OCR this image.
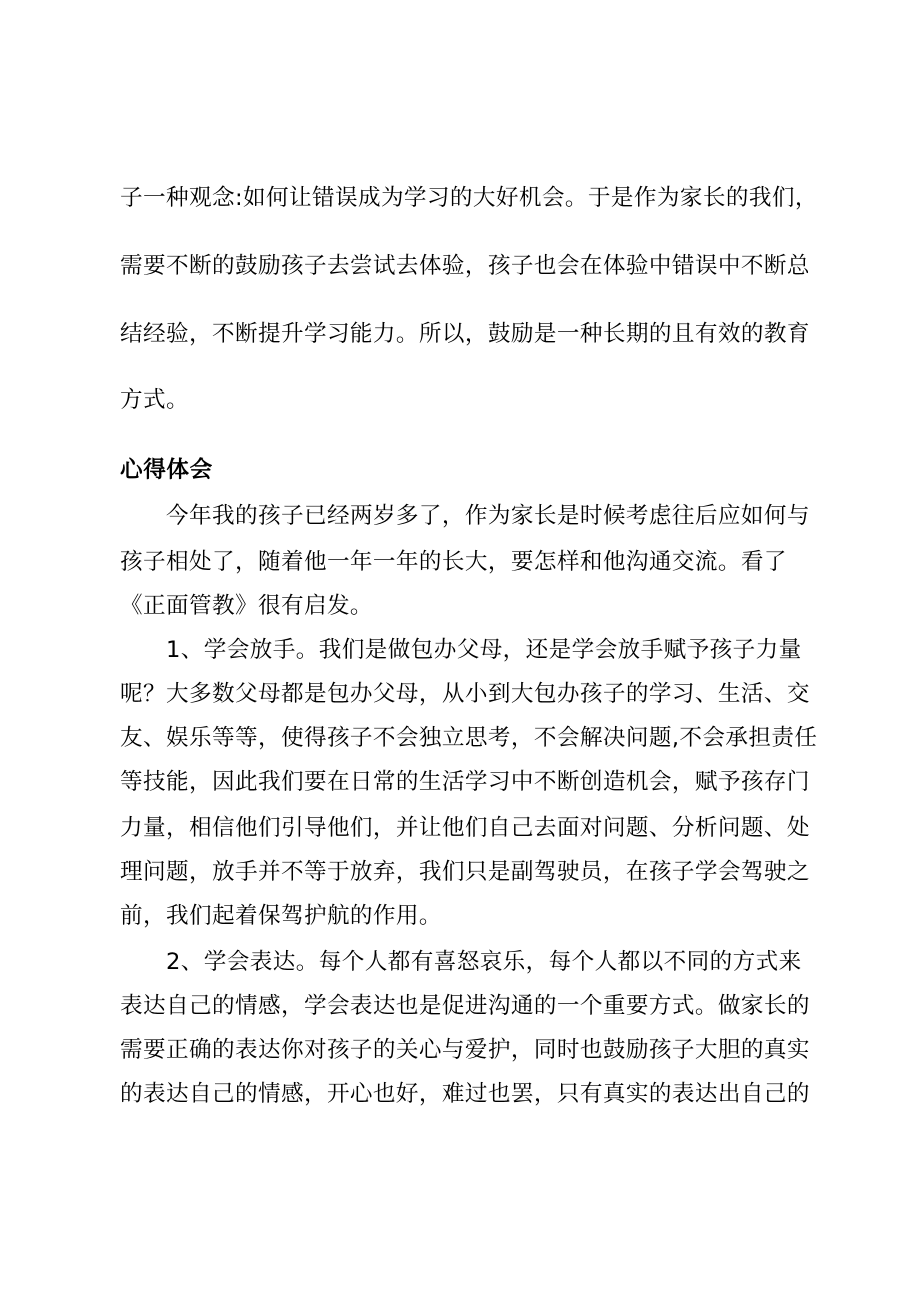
子一种观念:如何让错误成为学习的大好机会。于是作为家长的我们，
需要不断的鼓励孩子去尝试去体验，孩子也会在体验中错误中不断总
结经验，不断提升学习能力。所以，鼓励是一种长期的且有效的教育
方式。
心得体会
今年我的孩子已经两岁多了，作为家长是时候考虑往后应如何与
孩子相处了，随着他一年一年的长大，要怎样和他沟通交流。看了
《正面管教》很有启发。
1、学会放手。我们是做包办父母，还是学会放手赋予孩子力量
呢？大多数父母都是包办父母，从小到大包办孩子的学习、生活、交
友、娱乐等等，使得孩子不会独立思考，不会解决问题,不会承担责任
等技能，因此我们要在日常的生活学习中不断创造机会，赋予孩存门
力量，相信他们引导他们，并让他们自己去面对问题、分析问题、处
理问题，放手并不等于放弃，我们只是副驾驶员，在孩子学会驾驶之
前，我们起着保驾护航的作用。
2、学会表达。每个人都有喜怒哀乐，每个人都以不同的方式来
表达自己的情感，学会表达也是促进沟通的一个重要方式。做家长的
需要正确的表达你对孩子的关心与爱护，同时也鼓励孩子大胆的真实
的表达自己的情感，开心也好，难过也罢，只有真实的表达出自己的
